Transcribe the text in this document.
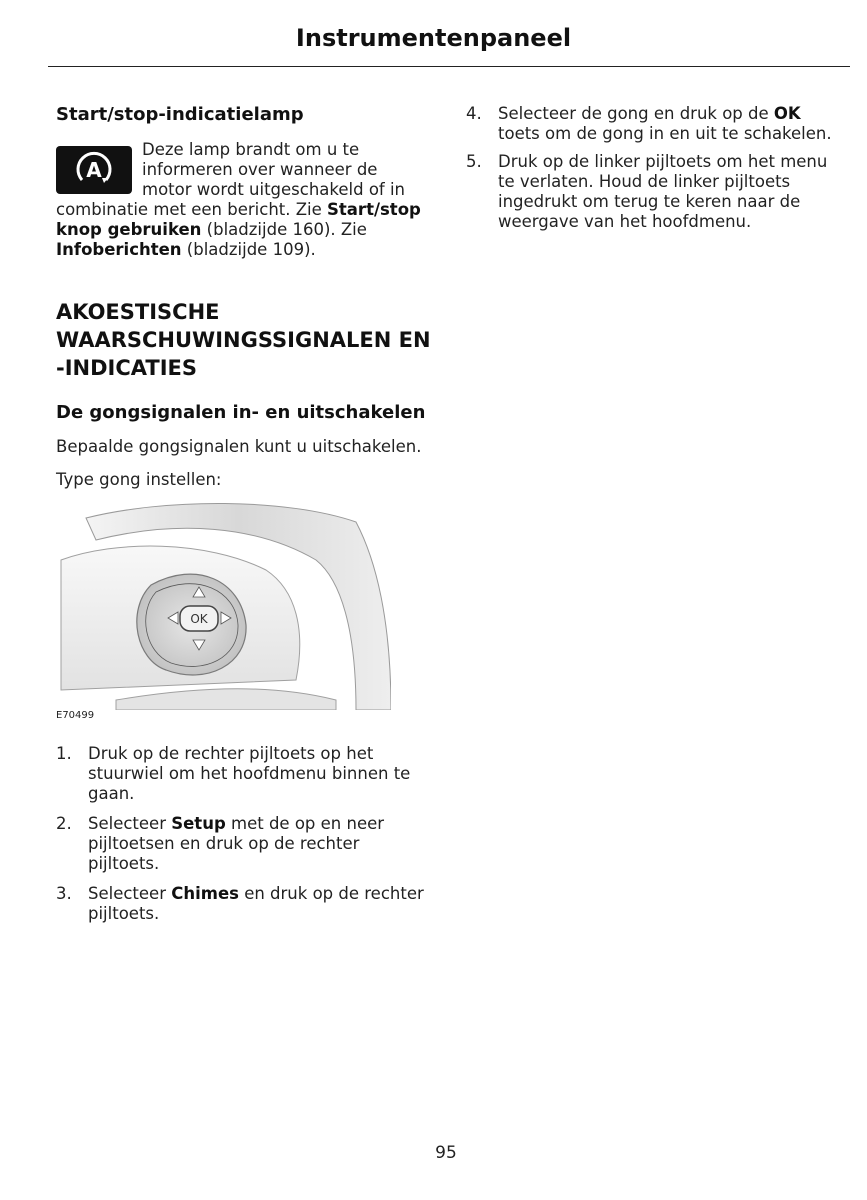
Instrumentenpaneel
Start/stop-indicatielamp

A
Deze lamp brandt om u te informeren over wanneer de motor wordt uitgeschakeld of in combinatie met een bericht. Zie Start/stop knop gebruiken (bladzijde 160). Zie Infoberichten (bladzijde 109).

AKOESTISCHE WAARSCHUWINGSSIGNALEN EN -INDICATIES
De gongsignalen in- en uitschakelen

Bepaalde gongsignalen kunt u uitschakelen.

Type gong instellen:

OK
E70499
1. Druk op de rechter pijltoets op het stuurwiel om het hoofdmenu binnen te gaan.
2. Selecteer Setup met de op en neer pijltoetsen en druk op de rechter pijltoets.
3. Selecteer Chimes en druk op de rechter pijltoets.
4. Selecteer de gong en druk op de OK toets om de gong in en uit te schakelen.
5. Druk op de linker pijltoets om het menu te verlaten. Houd de linker pijltoets ingedrukt om terug te keren naar de weergave van het hoofdmenu.
95
